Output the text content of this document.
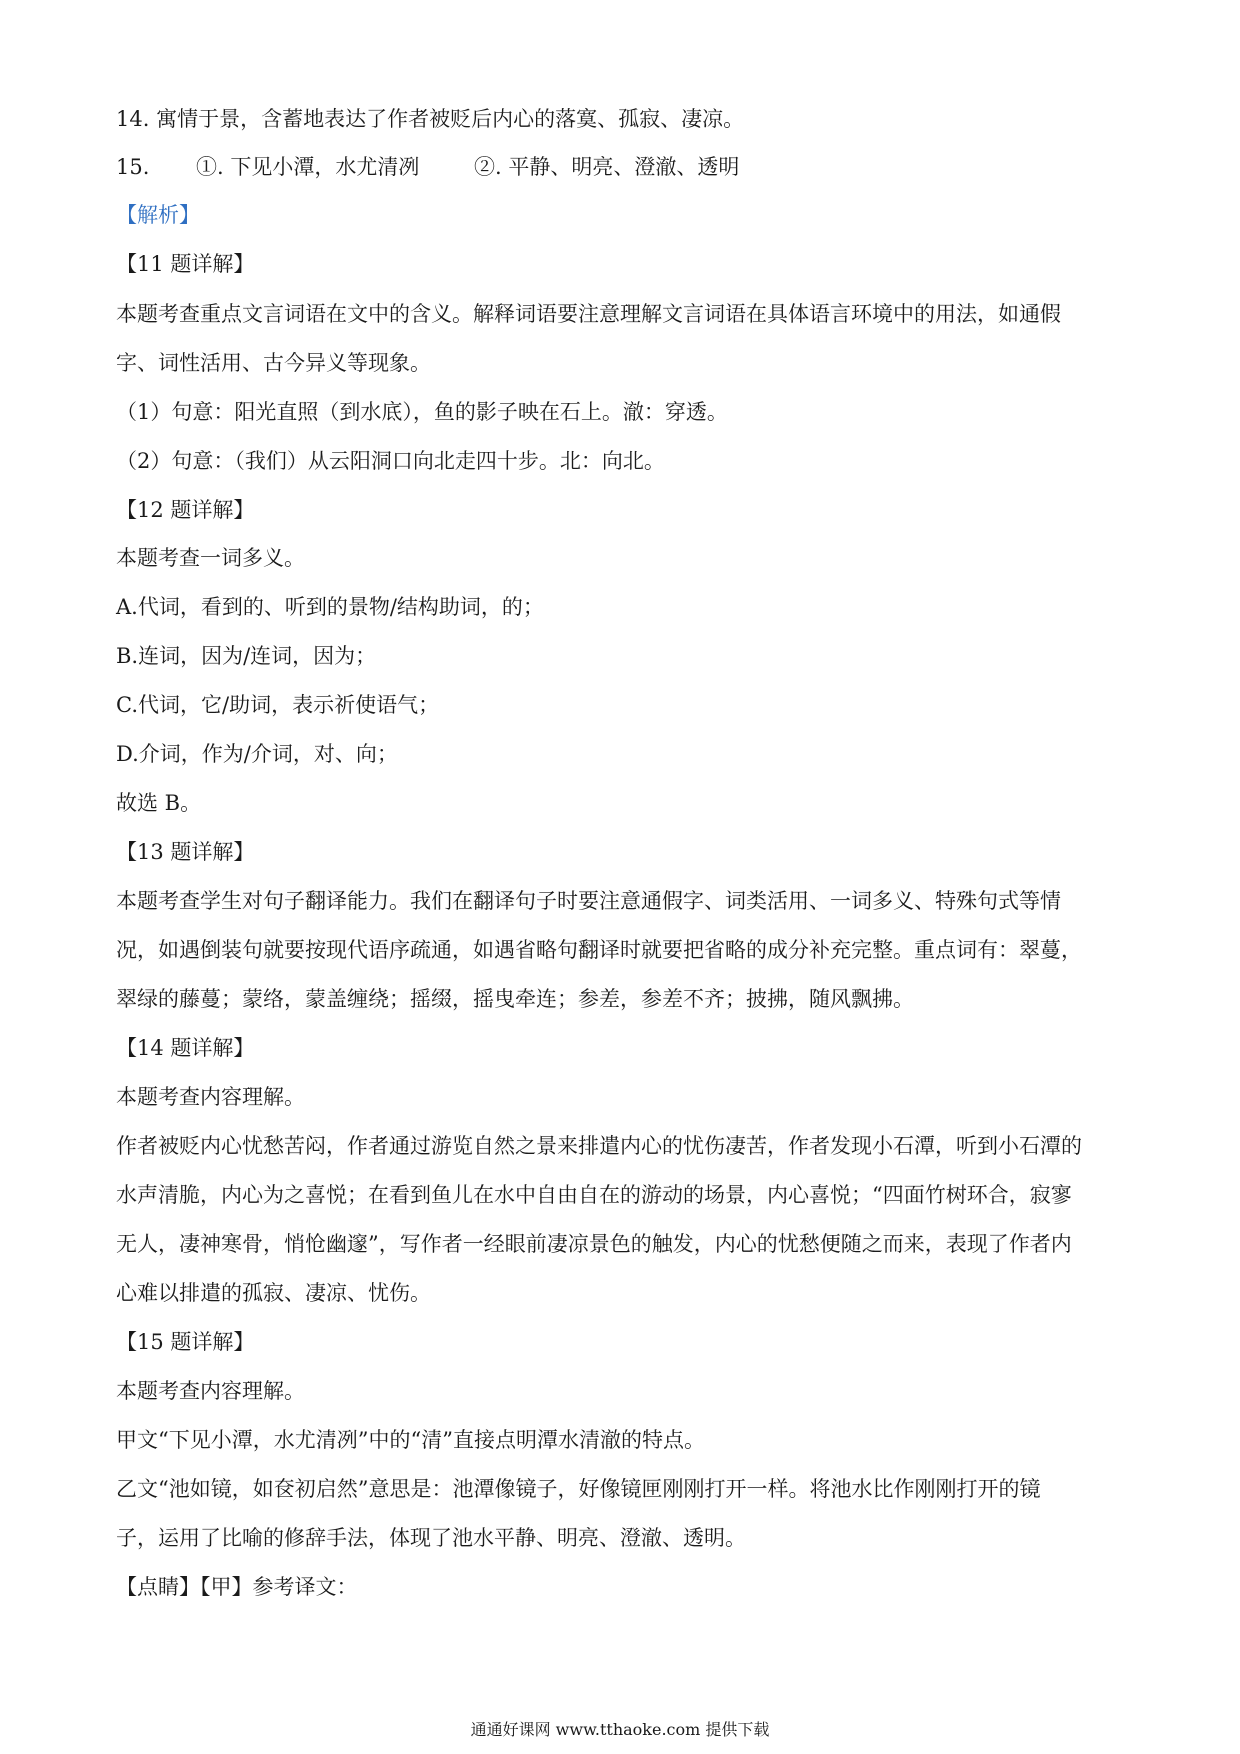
14. 寓情于景，含蓄地表达了作者被贬后内心的落寞、孤寂、凄凉。
15. ①. 下见小潭，水尤清冽	②. 平静、明亮、澄澈、透明
【解析】
【11 题详解】
本题考查重点文言词语在文中的含义。解释词语要注意理解文言词语在具体语言环境中的用法，如通假
字、词性活用、古今异义等现象。
（1）句意：阳光直照（到水底），鱼的影子映在石上。澈：穿透。
（2）句意：（我们）从云阳洞口向北走四十步。北：向北。
【12 题详解】
本题考查一词多义。
A.代词，看到的、听到的景物/结构助词，的；
B.连词，因为/连词，因为；
C.代词，它/助词，表示祈使语气；
D.介词，作为/介词，对、向；
故选 B。
【13 题详解】
本题考查学生对句子翻译能力。我们在翻译句子时要注意通假字、词类活用、一词多义、特殊句式等情
况，如遇倒装句就要按现代语序疏通，如遇省略句翻译时就要把省略的成分补充完整。重点词有：翠蔓，
翠绿的藤蔓；蒙络，蒙盖缠绕；摇缀，摇曳牵连；参差，参差不齐；披拂，随风飘拂。
【14 题详解】
本题考查内容理解。
作者被贬内心忧愁苦闷，作者通过游览自然之景来排遣内心的忧伤凄苦，作者发现小石潭，听到小石潭的
水声清脆，内心为之喜悦；在看到鱼儿在水中自由自在的游动的场景，内心喜悦；“四面竹树环合，寂寥
无人，凄神寒骨，悄怆幽邃”，写作者一经眼前凄凉景色的触发，内心的忧愁便随之而来，表现了作者内
心难以排遣的孤寂、凄凉、忧伤。
【15 题详解】
本题考查内容理解。
甲文“下见小潭，水尤清冽”中的“清”直接点明潭水清澈的特点。
乙文“池如镜，如奁初启然”意思是：池潭像镜子，好像镜匣刚刚打开一样。将池水比作刚刚打开的镜
子，运用了比喻的修辞手法，体现了池水平静、明亮、澄澈、透明。
【点睛】【甲】参考译文：
通通好课网 www.tthaoke.com 提供下载
